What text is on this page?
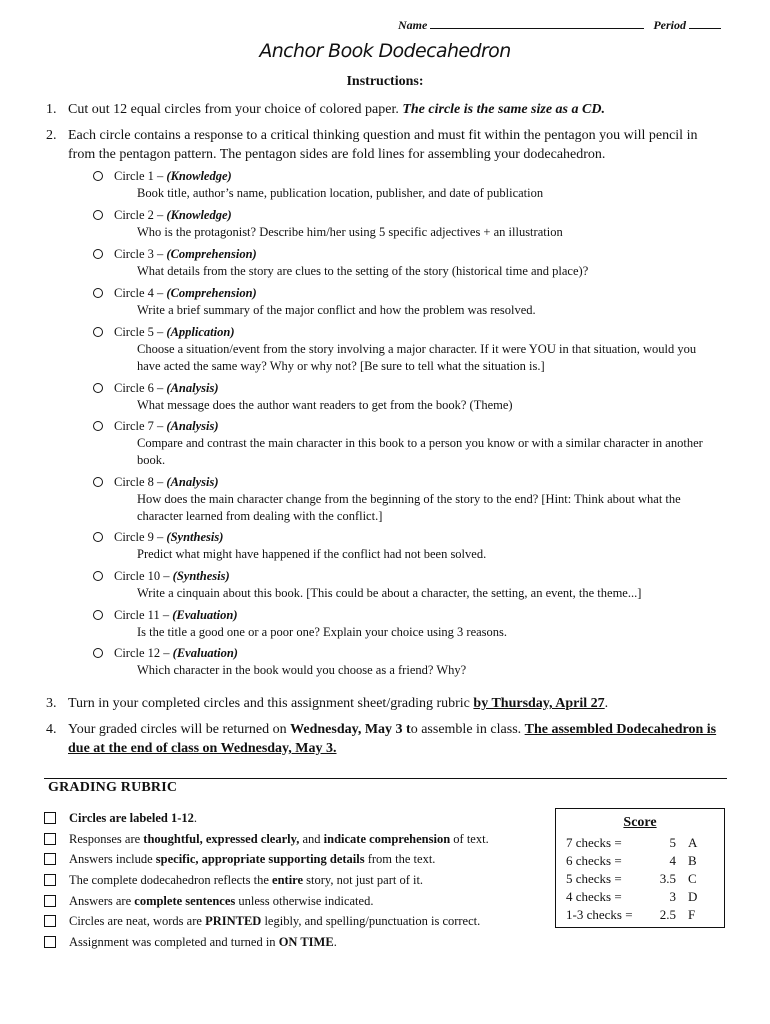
Name	Period
Anchor Book Dodecahedron
Instructions:
1. Cut out 12 equal circles from your choice of colored paper. The circle is the same size as a CD.
2. Each circle contains a response to a critical thinking question and must fit within the pentagon you will pencil in from the pentagon pattern. The pentagon sides are fold lines for assembling your dodecahedron.
Circle 1 – (Knowledge)
Book title, author’s name, publication location, publisher, and date of publication
Circle 2 – (Knowledge)
Who is the protagonist? Describe him/her using 5 specific adjectives + an illustration
Circle 3 – (Comprehension)
What details from the story are clues to the setting of the story (historical time and place)?
Circle 4 – (Comprehension)
Write a brief summary of the major conflict and how the problem was resolved.
Circle 5 – (Application)
Choose a situation/event from the story involving a major character. If it were YOU in that situation, would you have acted the same way? Why or why not? [Be sure to tell what the situation is.]
Circle 6 – (Analysis)
What message does the author want readers to get from the book? (Theme)
Circle 7 – (Analysis)
Compare and contrast the main character in this book to a person you know or with a similar character in another book.
Circle 8 – (Analysis)
How does the main character change from the beginning of the story to the end? [Hint: Think about what the character learned from dealing with the conflict.]
Circle 9 – (Synthesis)
Predict what might have happened if the conflict had not been solved.
Circle 10 – (Synthesis)
Write a cinquain about this book. [This could be about a character, the setting, an event, the theme...]
Circle 11 – (Evaluation)
Is the title a good one or a poor one? Explain your choice using 3 reasons.
Circle 12 – (Evaluation)
Which character in the book would you choose as a friend? Why?
3. Turn in your completed circles and this assignment sheet/grading rubric by Thursday, April 27.
4. Your graded circles will be returned on Wednesday, May 3 to assemble in class. The assembled Dodecahedron is due at the end of class on Wednesday, May 3.
GRADING RUBRIC
Circles are labeled 1-12.
Responses are thoughtful, expressed clearly, and indicate comprehension of text.
Answers include specific, appropriate supporting details from the text.
The complete dodecahedron reflects the entire story, not just part of it.
Answers are complete sentences unless otherwise indicated.
Circles are neat, words are PRINTED legibly, and spelling/punctuation is correct.
Assignment was completed and turned in ON TIME.
Score
7 checks =	5 A
6 checks =	4 B
5 checks =	3.5 C
4 checks =	3 D
1-3 checks = 2.5 F
